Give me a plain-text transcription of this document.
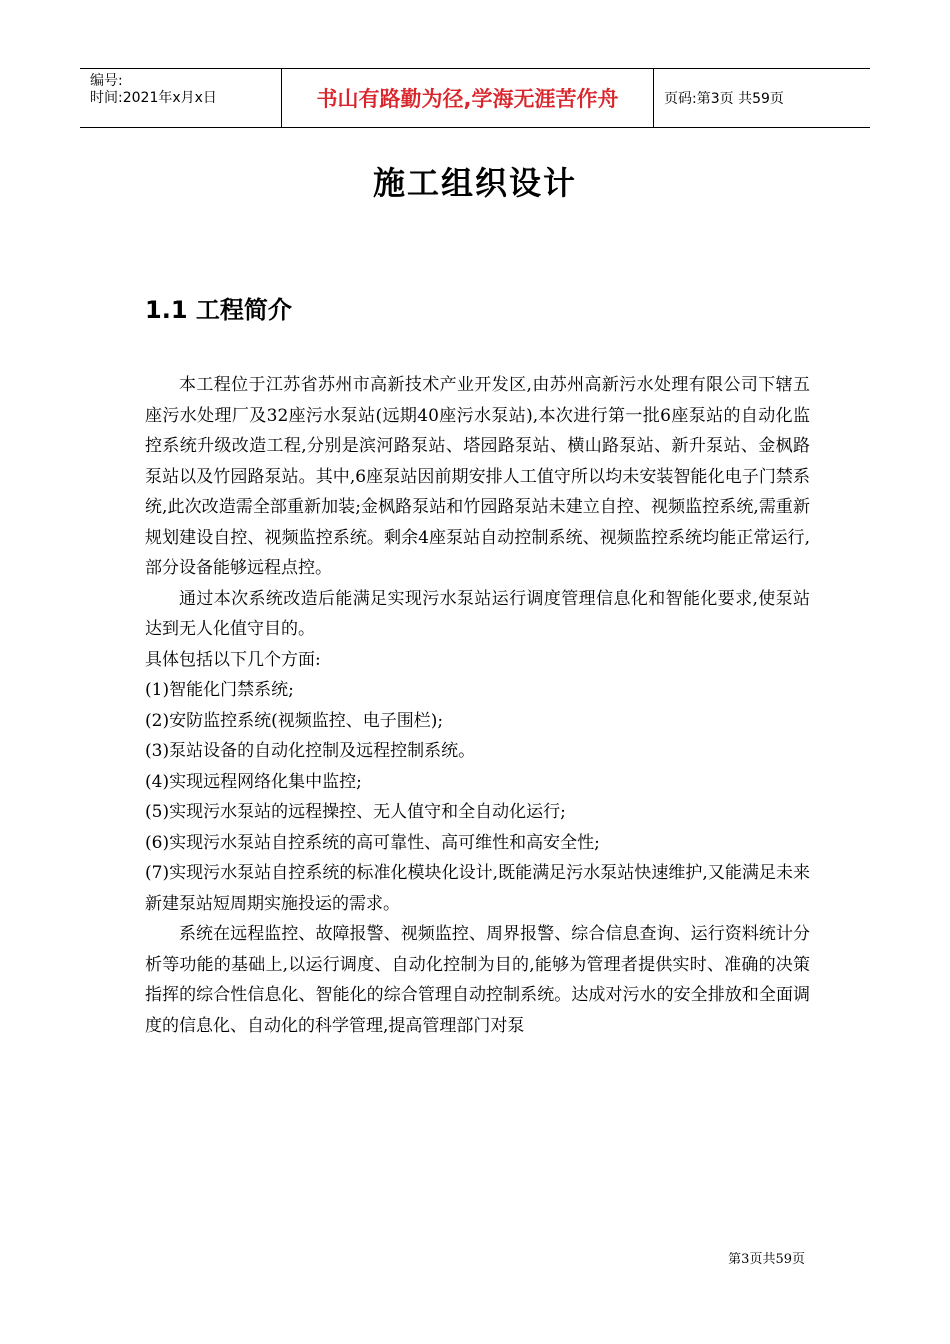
编号:
时间:2021年x月x日	书山有路勤为径,学海无涯苦作舟	页码:第3页 共59页
施工组织设计
1.1 工程简介

本工程位于江苏省苏州市高新技术产业开发区,由苏州高新污水处理有限公司下辖五座污水处理厂及32座污水泵站(远期40座污水泵站),本次进行第一批6座泵站的自动化监控系统升级改造工程,分别是滨河路泵站、塔园路泵站、横山路泵站、新升泵站、金枫路泵站以及竹园路泵站。其中,6座泵站因前期安排人工值守所以均未安装智能化电子门禁系统,此次改造需全部重新加装;金枫路泵站和竹园路泵站未建立自控、视频监控系统,需重新规划建设自控、视频监控系统。剩余4座泵站自动控制系统、视频监控系统均能正常运行,部分设备能够远程点控。

通过本次系统改造后能满足实现污水泵站运行调度管理信息化和智能化要求,使泵站达到无人化值守目的。

具体包括以下几个方面:

(1)智能化门禁系统;

(2)安防监控系统(视频监控、电子围栏);

(3)泵站设备的自动化控制及远程控制系统。

(4)实现远程网络化集中监控;

(5)实现污水泵站的远程操控、无人值守和全自动化运行;

(6)实现污水泵站自控系统的高可靠性、高可维性和高安全性;

(7)实现污水泵站自控系统的标准化模块化设计,既能满足污水泵站快速维护,又能满足未来新建泵站短周期实施投运的需求。

系统在远程监控、故障报警、视频监控、周界报警、综合信息查询、运行资料统计分析等功能的基础上,以运行调度、自动化控制为目的,能够为管理者提供实时、准确的决策指挥的综合性信息化、智能化的综合管理自动控制系统。达成对污水的安全排放和全面调度的信息化、自动化的科学管理,提高管理部门对泵

第3页共59页
